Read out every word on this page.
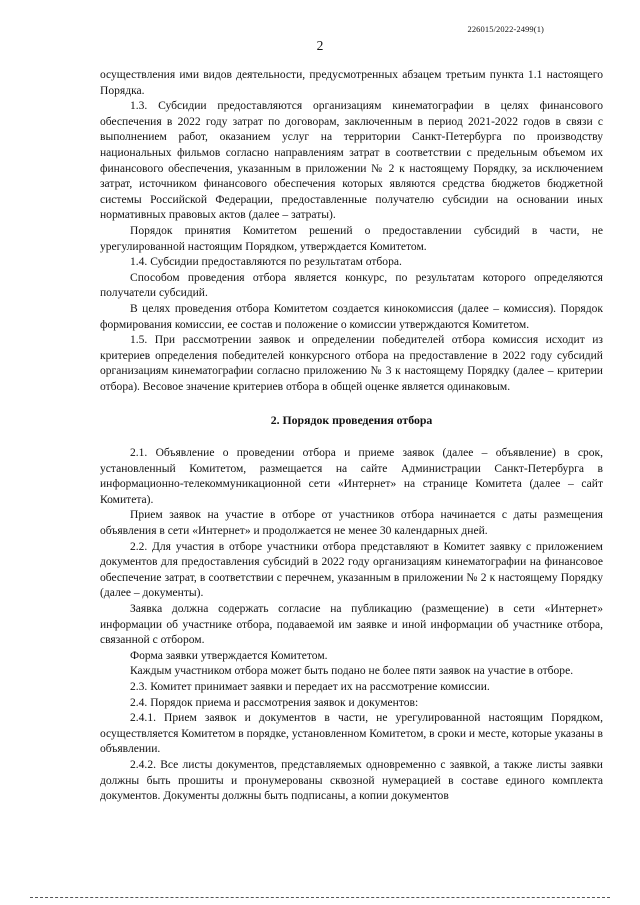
226015/2022-2499(1)
2

осуществления ими видов деятельности, предусмотренных абзацем третьим пункта 1.1 настоящего Порядка.

1.3. Субсидии предоставляются организациям кинематографии в целях финансового обеспечения в 2022 году затрат по договорам, заключенным в период 2021-2022 годов в связи с выполнением работ, оказанием услуг на территории Санкт-Петербурга по производству национальных фильмов согласно направлениям затрат в соответствии с предельным объемом их финансового обеспечения, указанным в приложении № 2 к настоящему Порядку, за исключением затрат, источником финансового обеспечения которых являются средства бюджетов бюджетной системы Российской Федерации, предоставленные получателю субсидии на основании иных нормативных правовых актов (далее – затраты).

Порядок принятия Комитетом решений о предоставлении субсидий в части, не урегулированной настоящим Порядком, утверждается Комитетом.

1.4. Субсидии предоставляются по результатам отбора.

Способом проведения отбора является конкурс, по результатам которого определяются получатели субсидий.

В целях проведения отбора Комитетом создается кинокомиссия (далее – комиссия). Порядок формирования комиссии, ее состав и положение о комиссии утверждаются Комитетом.

1.5. При рассмотрении заявок и определении победителей отбора комиссия исходит из критериев определения победителей конкурсного отбора на предоставление в 2022 году субсидий организациям кинематографии согласно приложению № 3 к настоящему Порядку (далее – критерии отбора). Весовое значение критериев отбора в общей оценке является одинаковым.

2. Порядок проведения отбора

2.1. Объявление о проведении отбора и приеме заявок (далее – объявление) в срок, установленный Комитетом, размещается на сайте Администрации Санкт-Петербурга в информационно-телекоммуникационной сети «Интернет» на странице Комитета (далее – сайт Комитета).

Прием заявок на участие в отборе от участников отбора начинается с даты размещения объявления в сети «Интернет» и продолжается не менее 30 календарных дней.

2.2. Для участия в отборе участники отбора представляют в Комитет заявку с приложением документов для предоставления субсидий в 2022 году организациям кинематографии на финансовое обеспечение затрат, в соответствии с перечнем, указанным в приложении № 2 к настоящему Порядку (далее – документы).

Заявка должна содержать согласие на публикацию (размещение) в сети «Интернет» информации об участнике отбора, подаваемой им заявке и иной информации об участнике отбора, связанной с отбором.

Форма заявки утверждается Комитетом.

Каждым участником отбора может быть подано не более пяти заявок на участие в отборе.

2.3. Комитет принимает заявки и передает их на рассмотрение комиссии.

2.4. Порядок приема и рассмотрения заявок и документов:

2.4.1. Прием заявок и документов в части, не урегулированной настоящим Порядком, осуществляется Комитетом в порядке, установленном Комитетом, в сроки и месте, которые указаны в объявлении.

2.4.2. Все листы документов, представляемых одновременно с заявкой, а также листы заявки должны быть прошиты и пронумерованы сквозной нумерацией в составе единого комплекта документов. Документы должны быть подписаны, а копии документов
